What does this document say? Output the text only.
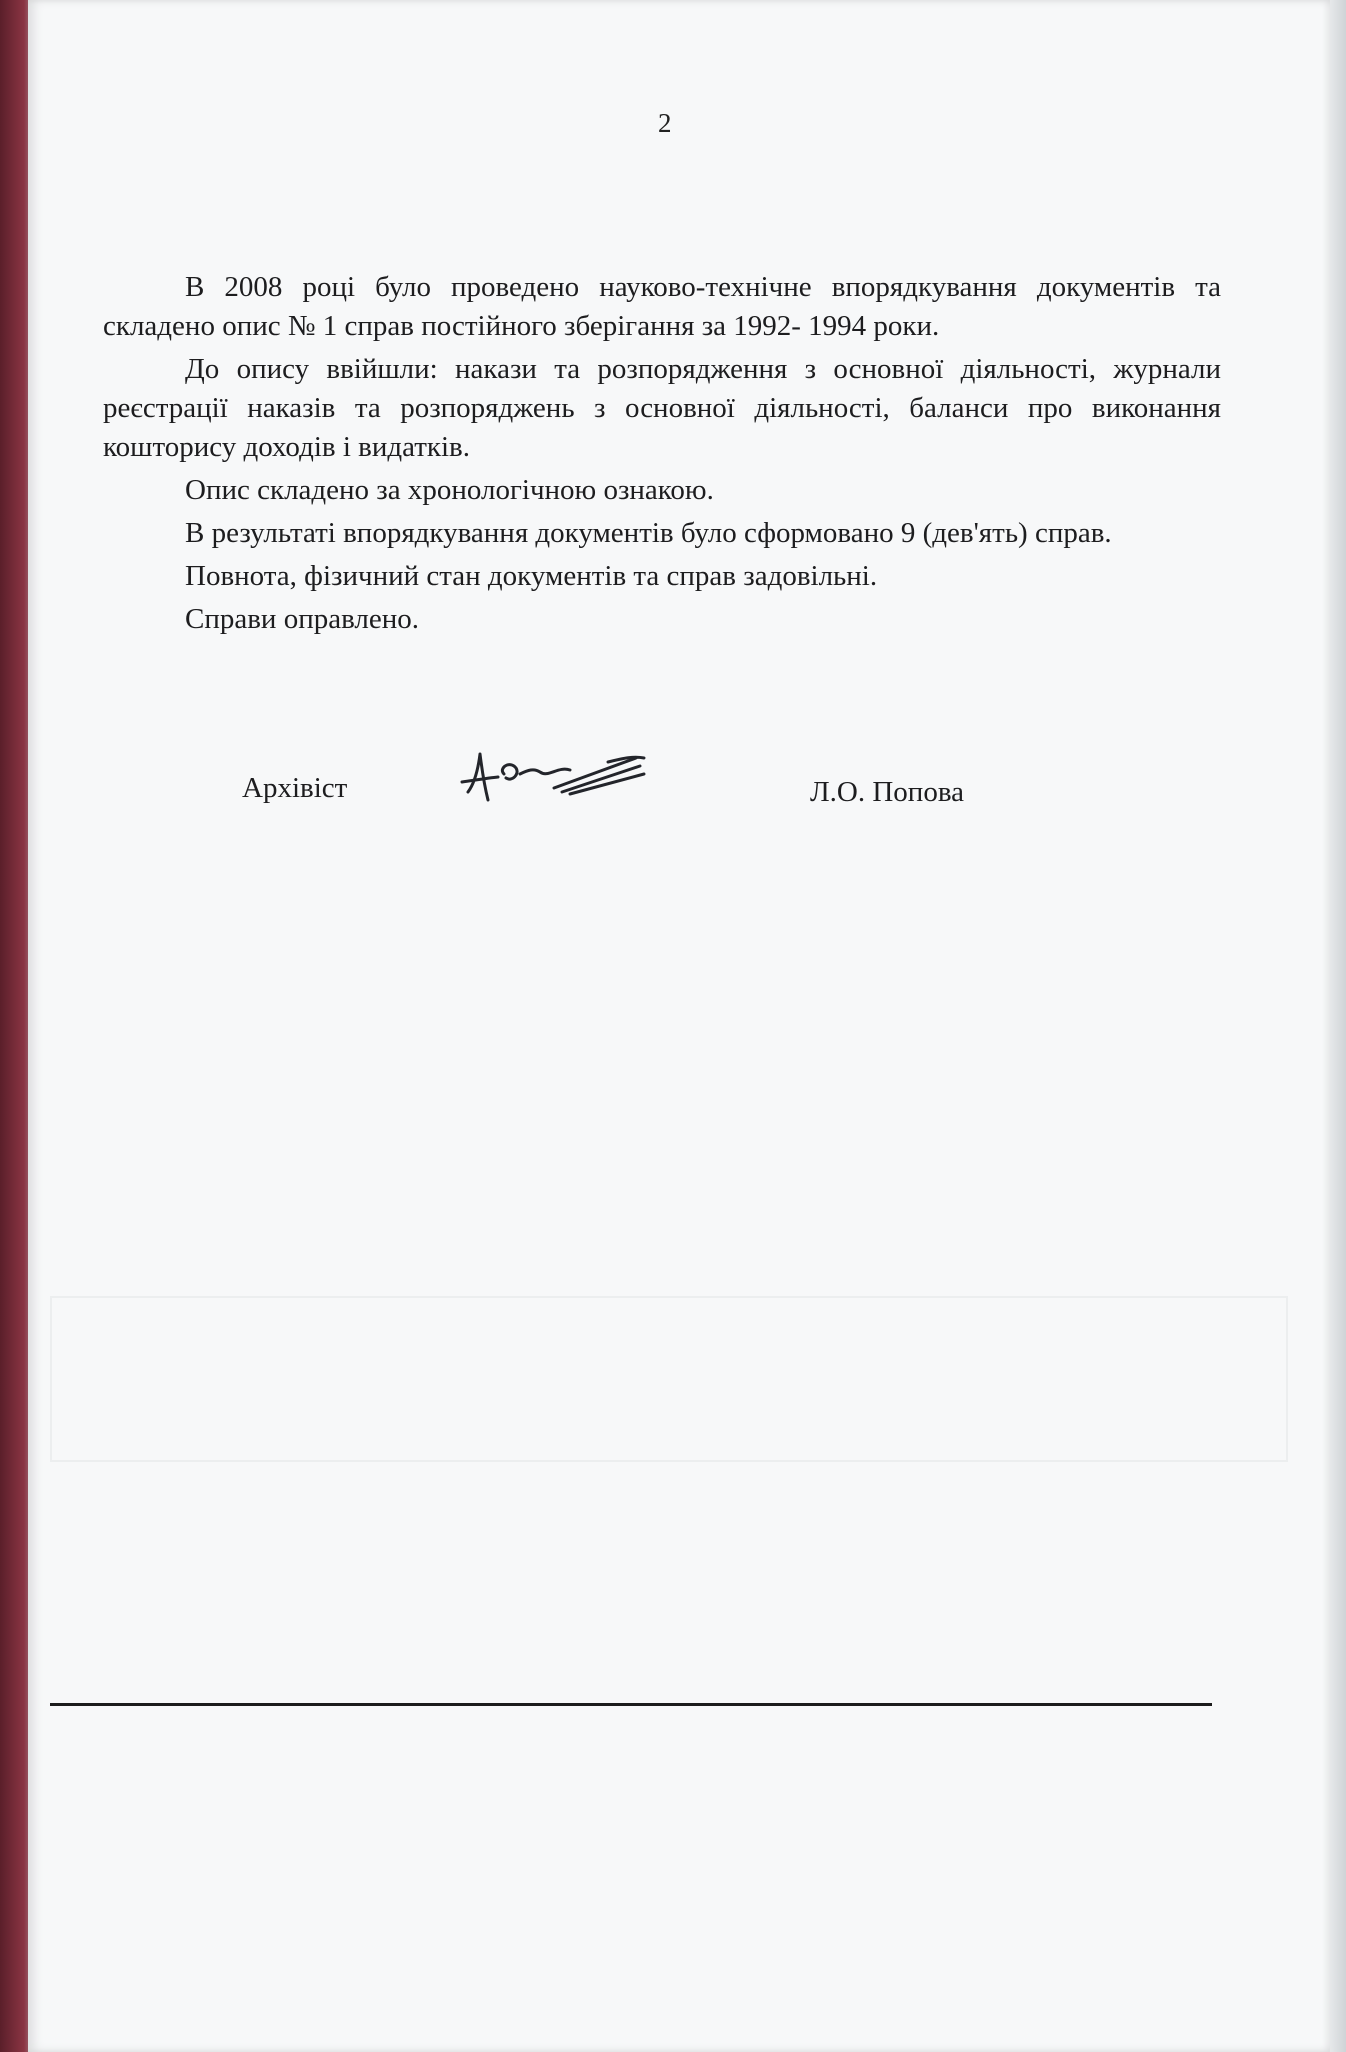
2

В 2008 році було проведено науково-технічне впорядкування документів та складено опис № 1 справ постійного зберігання за 1992- 1994 роки.

До опису ввійшли: накази та розпорядження з основної діяльності, журнали реєстрації наказів та розпоряджень з основної діяльності, баланси про виконання кошторису доходів і видатків.

Опис складено за хронологічною ознакою.

В результаті впорядкування документів було сформовано 9 (дев'ять) справ.

Повнота, фізичний стан документів та справ задовільні.

Справи оправлено.

Архівіст	Л.О. Попова
